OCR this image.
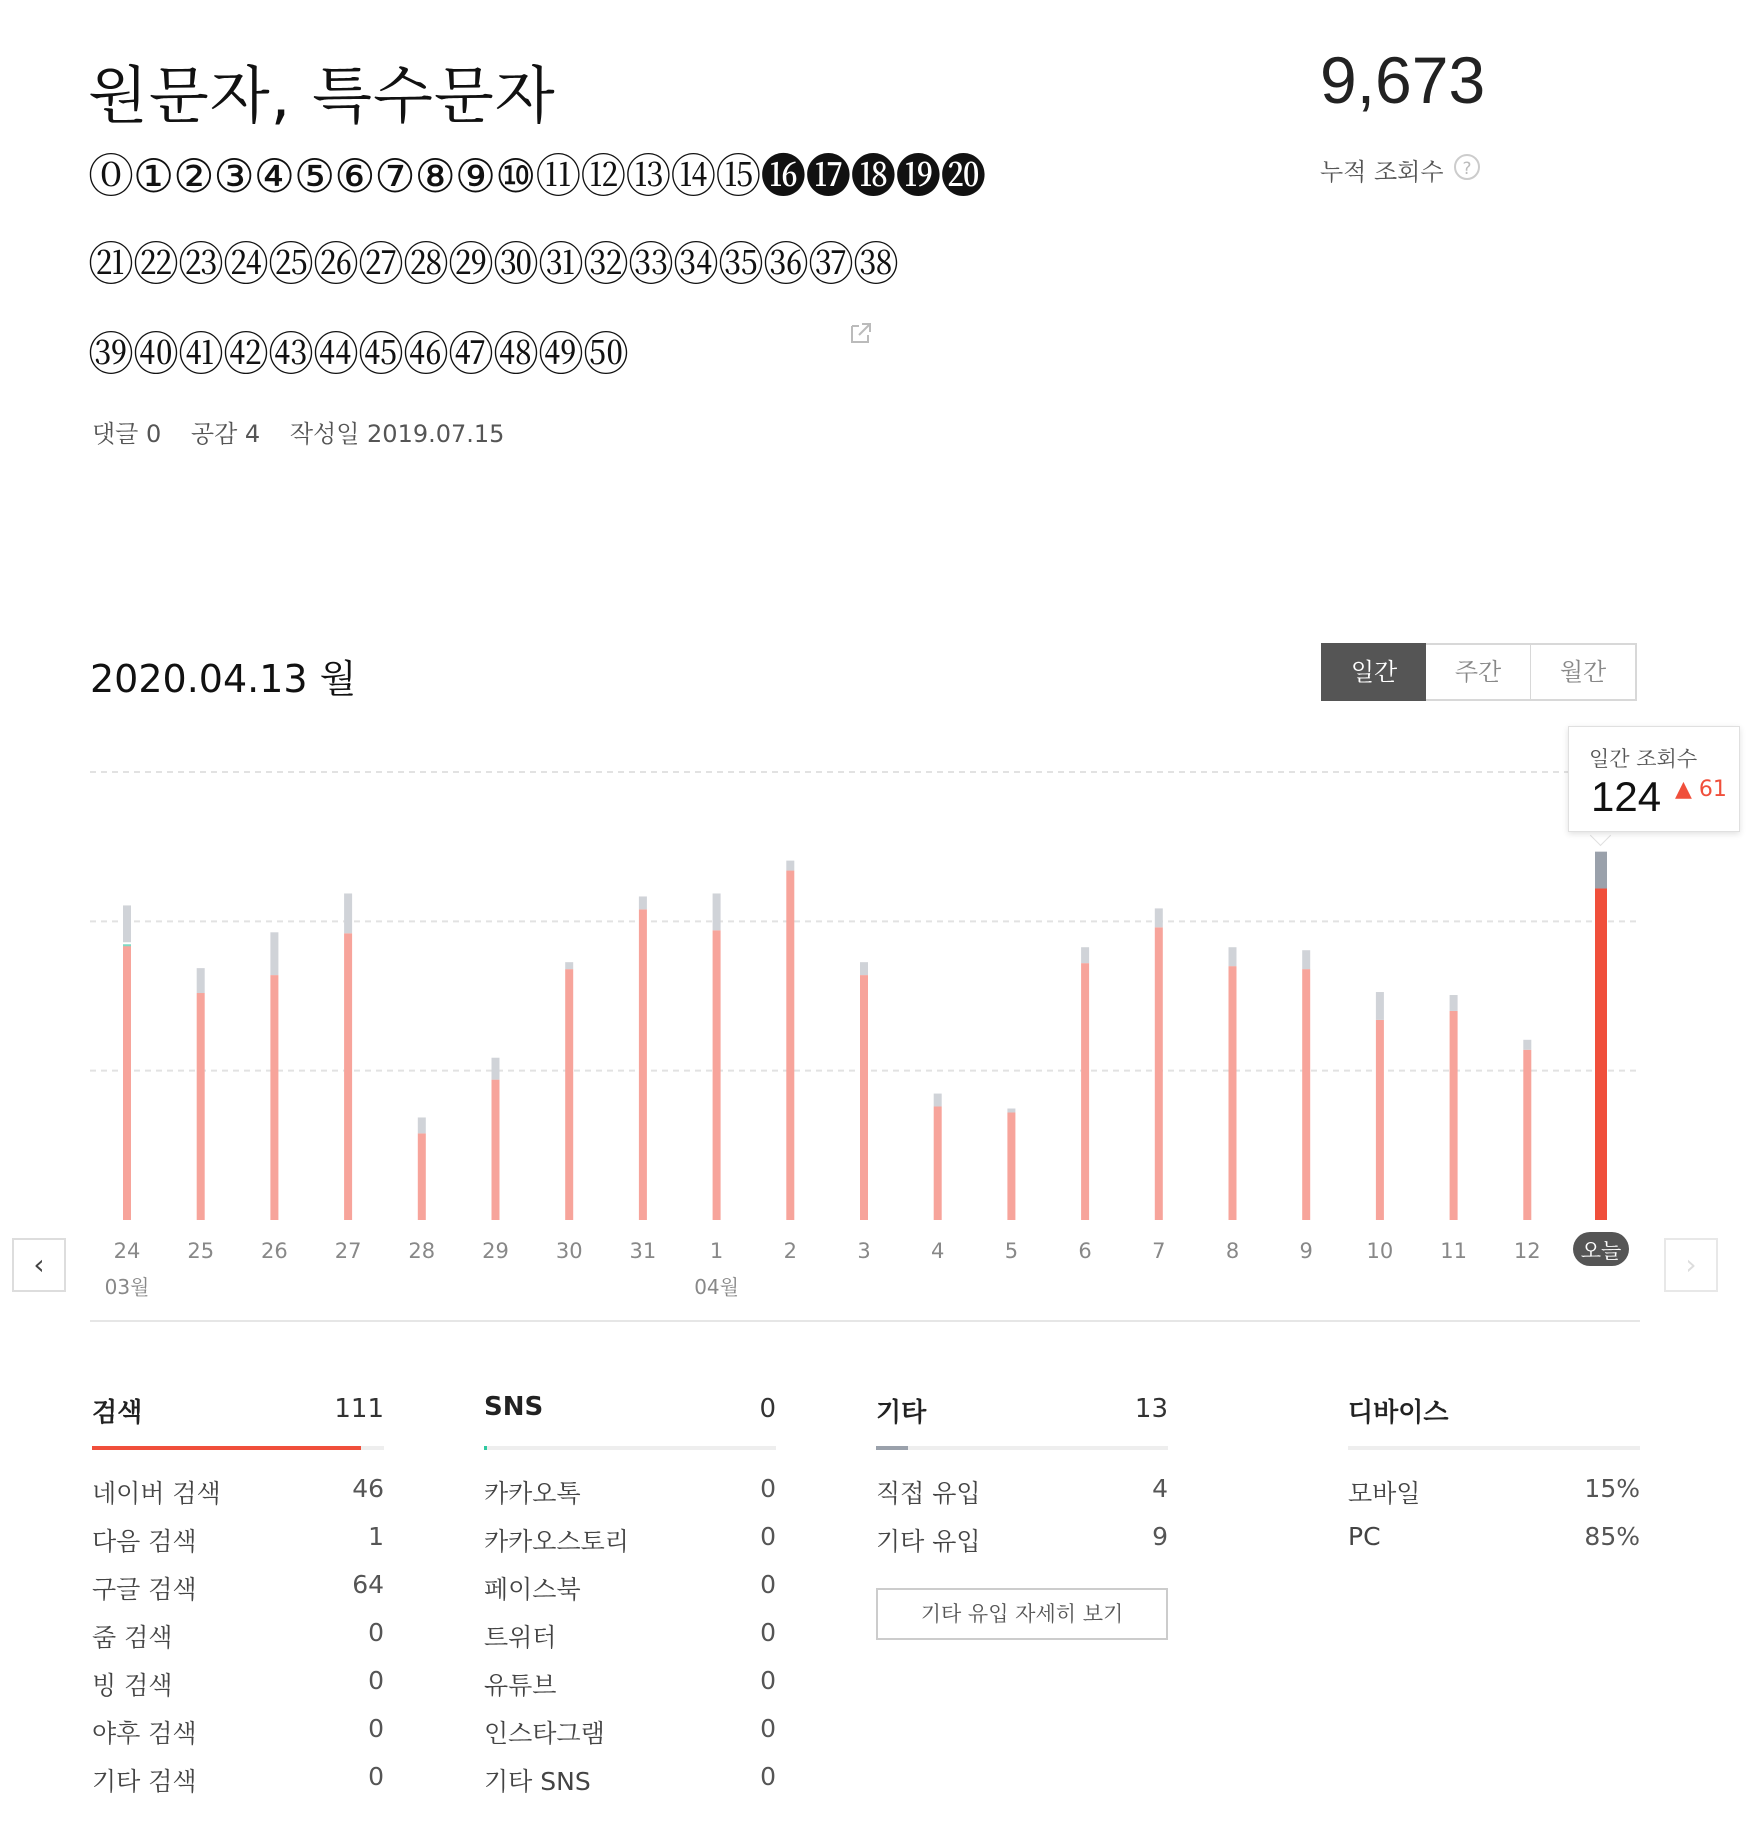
원문자, 특수문자
⓪①②③④⑤⑥⑦⑧⑨⑩⑪⑫⑬⑭⑮⓰⓱⓲⓳⓴
㉑㉒㉓㉔㉕㉖㉗㉘㉙㉚㉛㉜㉝㉞㉟㊱㊲㊳
㊴㊵㊶㊷㊸㊹㊺㊻㊼㊽㊾㊿
댓글 0 공감 4 작성일 2019.07.15
9,673
누적 조회수	?
2020.04.13 월	일간	주간	월간
24 25 26 27 28 29 30 31	1	2	3	4	5	6	7	8	9	10 11 12 오늘
03월	04월
‹	›
일간 조회수
124 ▲ 61
검색	111
네이버 검색	46
다음 검색	1
구글 검색	64
줌 검색	0
빙 검색	0
야후 검색	0
기타 검색	0
SNS	0
카카오톡	0
카카오스토리	0
페이스북	0
트위터	0
유튜브	0
인스타그램	0
기타 SNS	0
기타	13
직접 유입	4
기타 유입	9
기타 유입 자세히 보기
디바이스
모바일	15%
PC	85%
